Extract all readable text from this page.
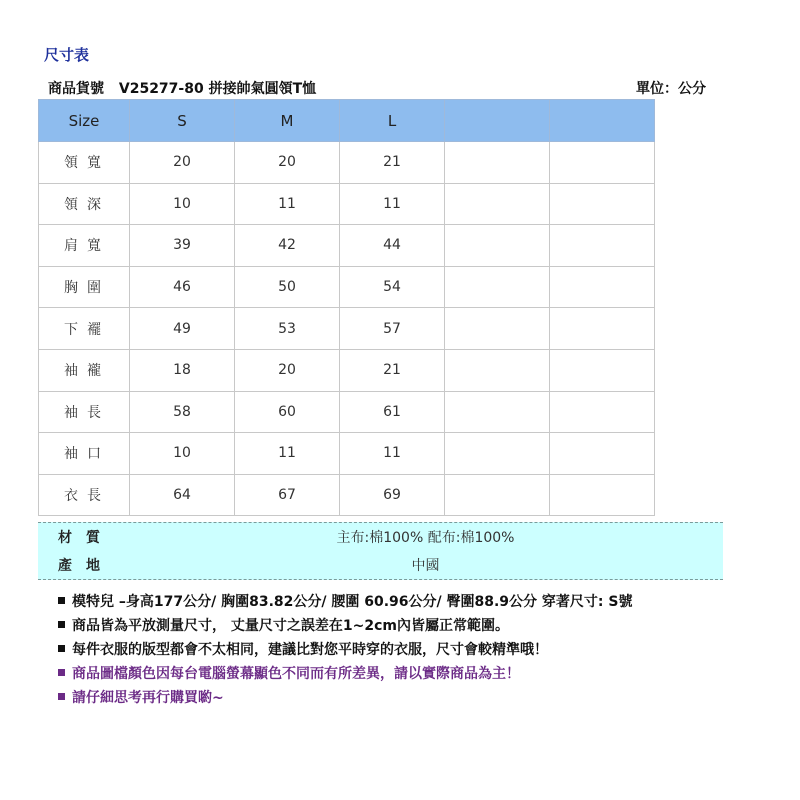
尺寸表
商品貨號 V25277-80 拼接帥氣圓領T恤	單位：公分
Size	S	M	L		
領寬	20	20	21		
領深	10	11	11		
肩寬	39	42	44		
胸圍	46	50	54		
下襬	49	53	57		
袖襱	18	20	21		
袖長	58	60	61		
袖口	10	11	11		
衣長	64	67	69		
材質	主布:棉100% 配布:棉100%
產地	中國
模特兒 –身高177公分/ 胸圍83.82公分/ 腰圍 60.96公分/ 臀圍88.9公分 穿著尺寸: S號
商品皆為平放測量尺寸， 丈量尺寸之誤差在1~2cm內皆屬正常範圍。
每件衣服的版型都會不太相同，建議比對您平時穿的衣服，尺寸會較精準哦！
商品圖檔顏色因每台電腦螢幕顯色不同而有所差異，請以實際商品為主！
請仔細思考再行購買喲~
